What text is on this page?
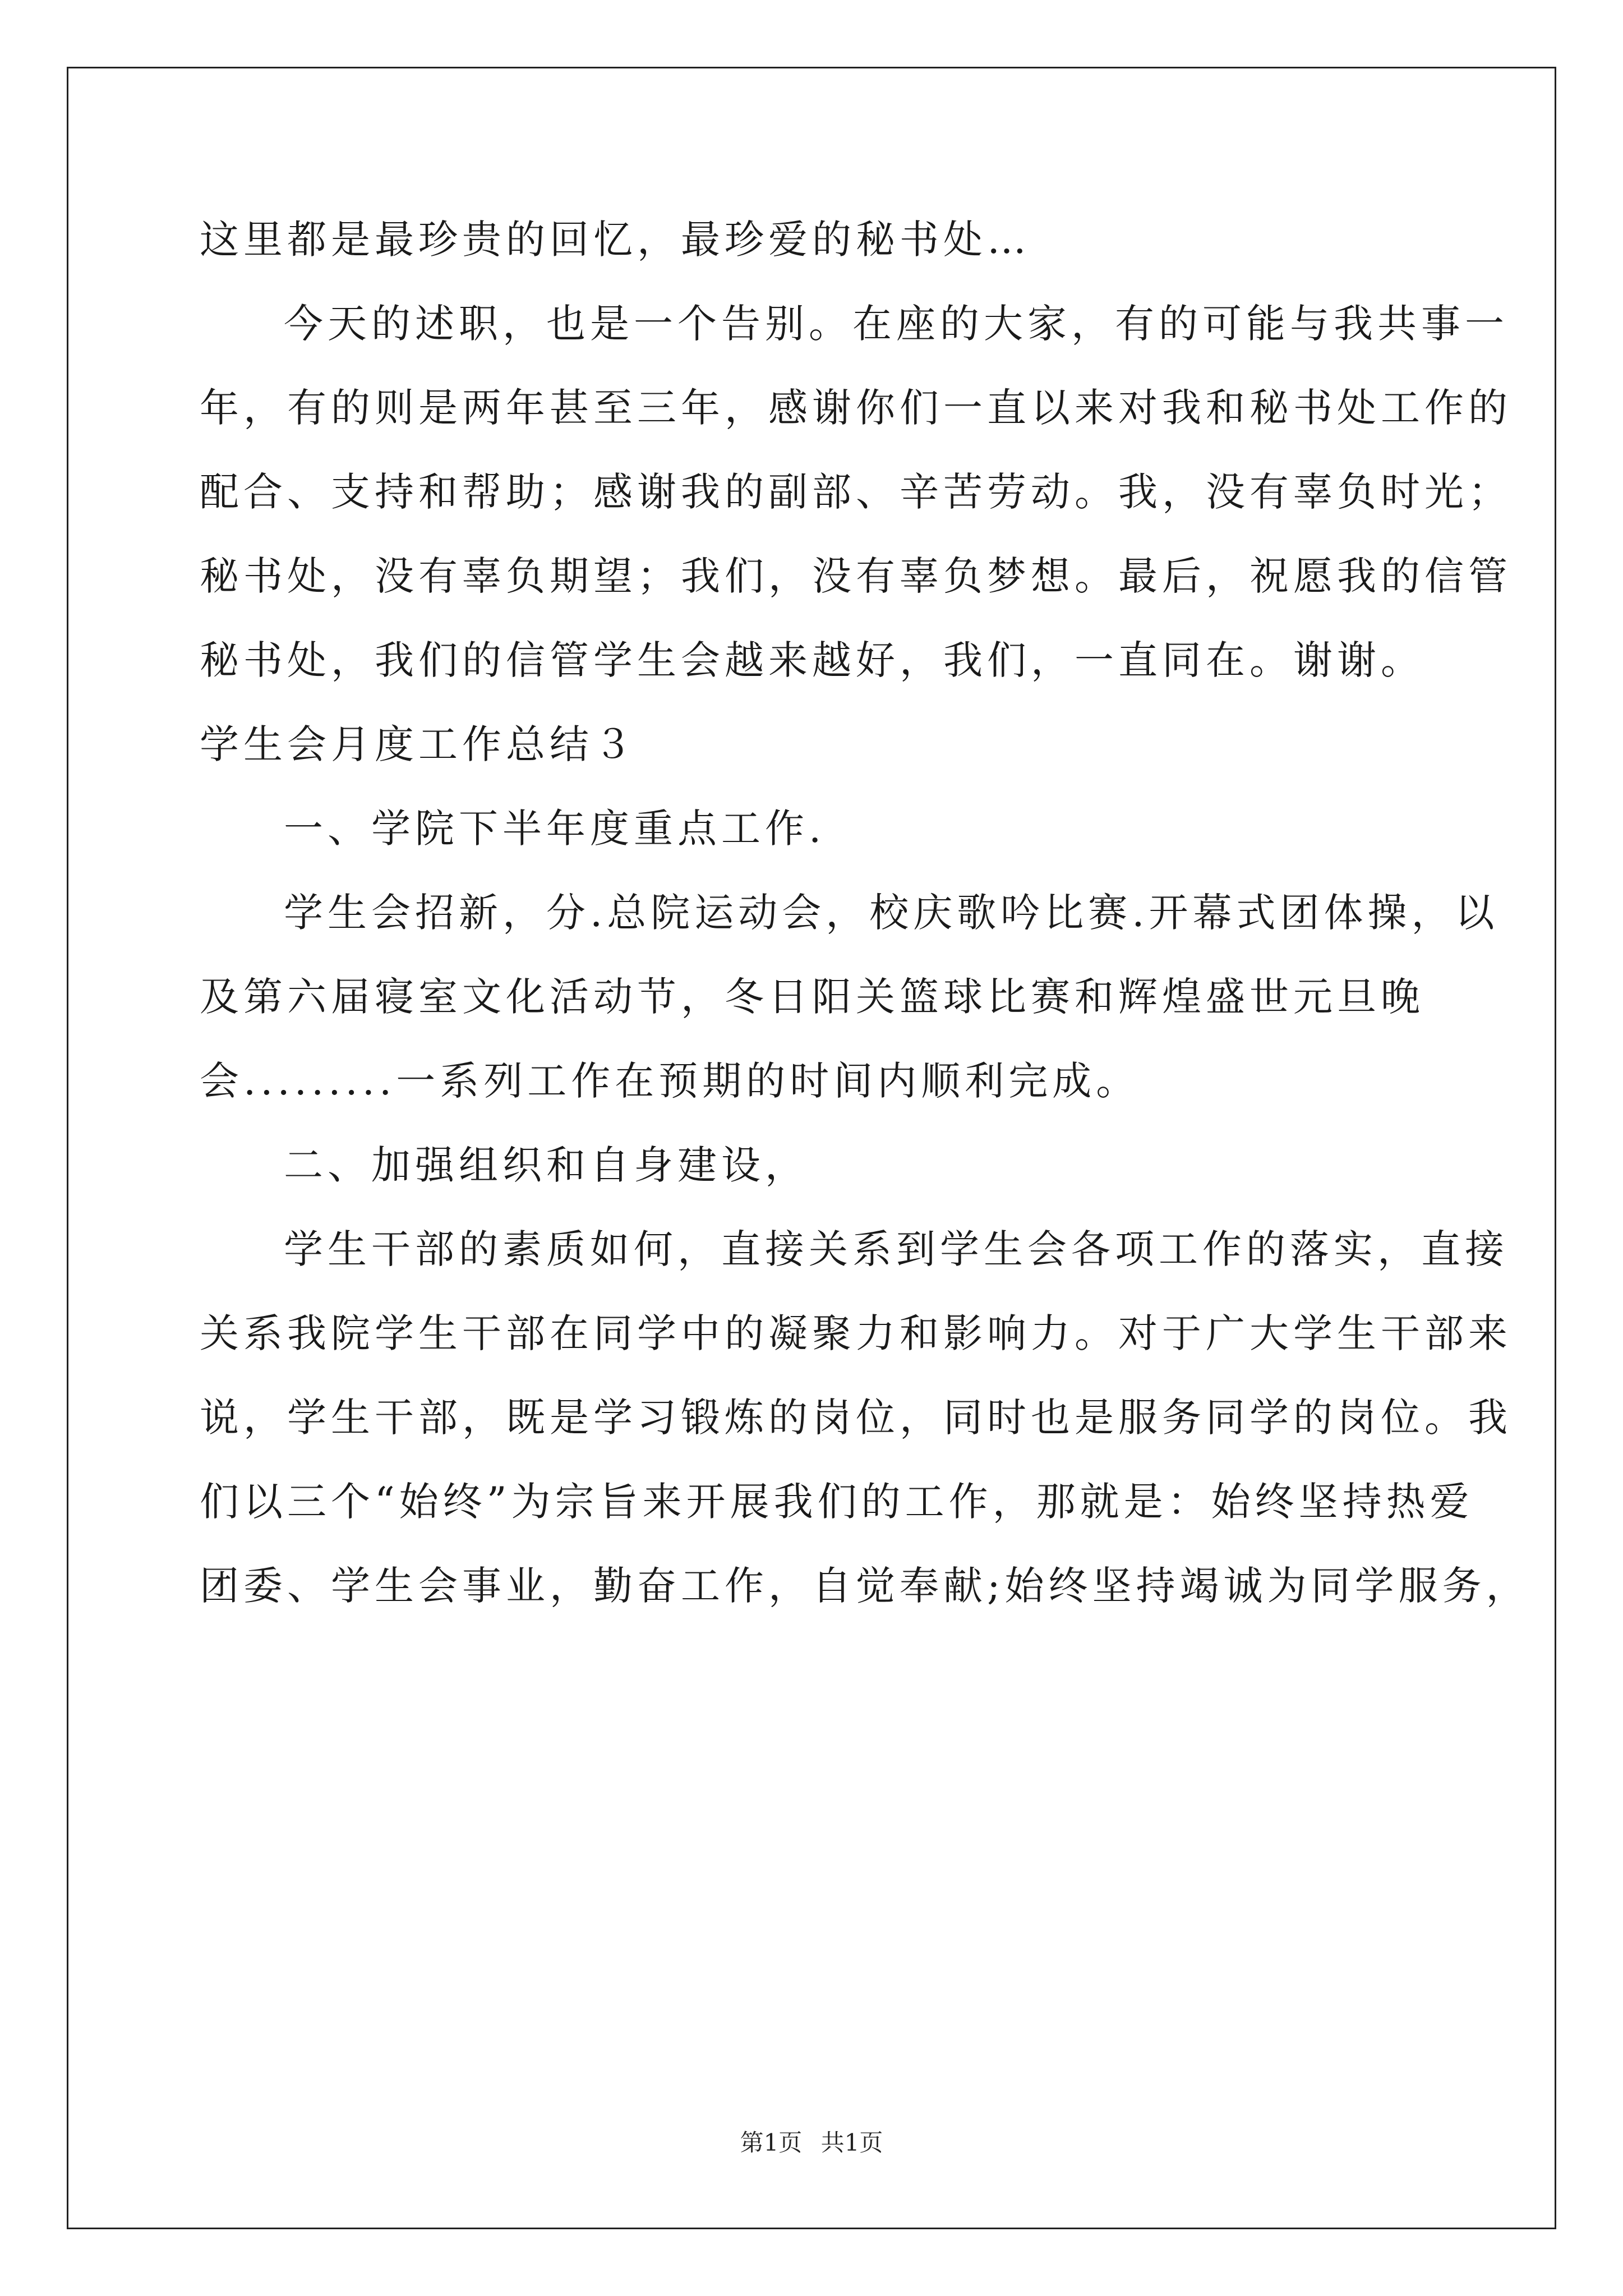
这里都是最珍贵的回忆，最珍爱的秘书处…
今天的述职，也是一个告别。在座的大家，有的可能与我共事一
年，有的则是两年甚至三年，感谢你们一直以来对我和秘书处工作的
配合、支持和帮助；感谢我的副部、辛苦劳动。我，没有辜负时光；
秘书处，没有辜负期望；我们，没有辜负梦想。最后，祝愿我的信管
秘书处，我们的信管学生会越来越好，我们，一直同在。谢谢。
学生会月度工作总结３
一、学院下半年度重点工作.
学生会招新，分.总院运动会，校庆歌吟比赛.开幕式团体操，以
及第六届寝室文化活动节，冬日阳关篮球比赛和辉煌盛世元旦晚
会.........一系列工作在预期的时间内顺利完成。
二、加强组织和自身建设，
学生干部的素质如何，直接关系到学生会各项工作的落实，直接
关系我院学生干部在同学中的凝聚力和影响力。对于广大学生干部来
说，学生干部，既是学习锻炼的岗位，同时也是服务同学的岗位。我
们以三个“始终”为宗旨来开展我们的工作，那就是：始终坚持热爱
团委、学生会事业，勤奋工作，自觉奉献;始终坚持竭诚为同学服务，
第1页 共1页
